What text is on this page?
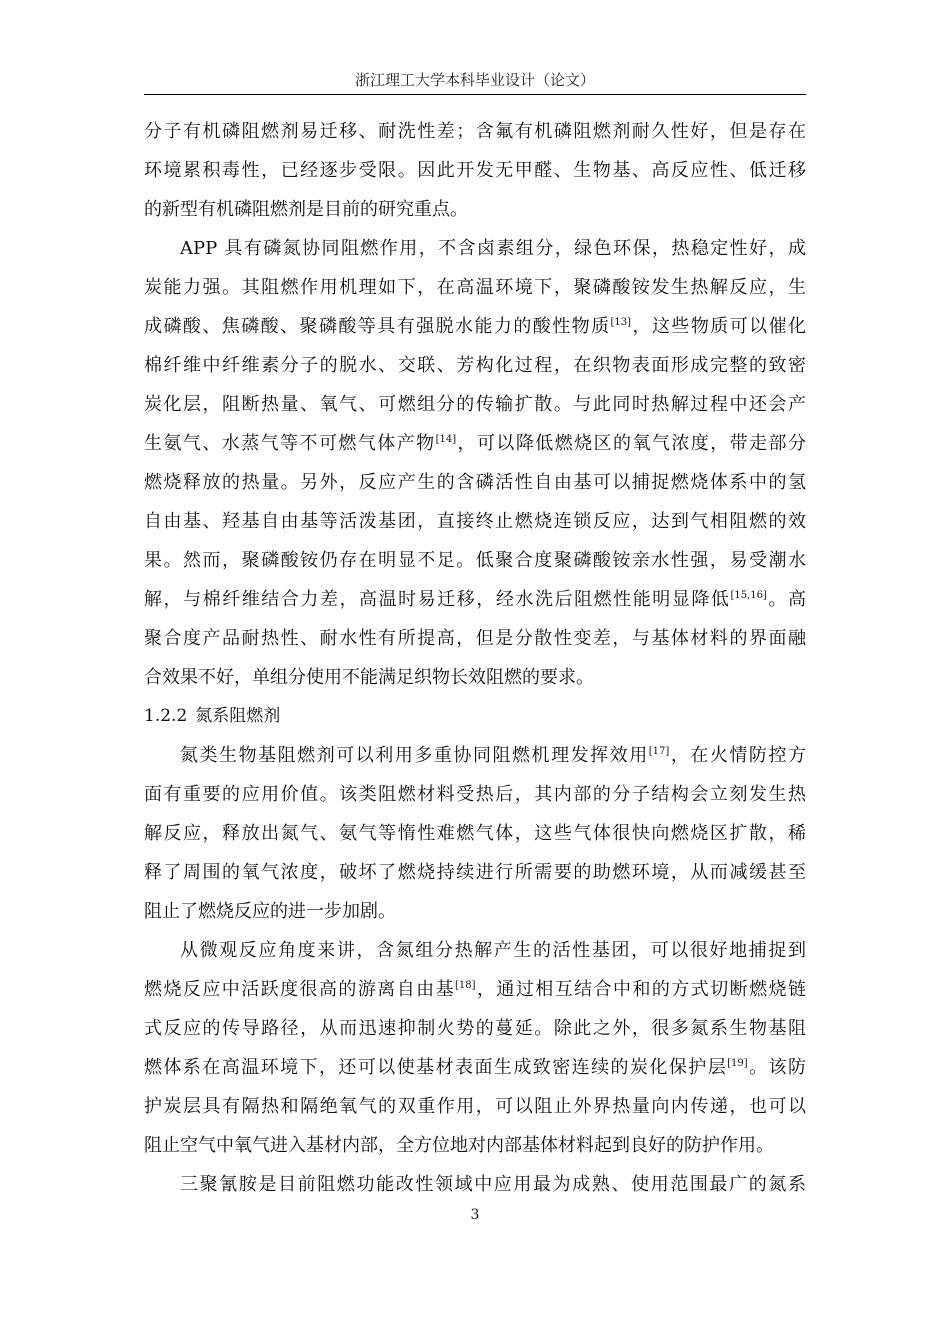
浙江理工大学本科毕业设计（论文）
分子有机磷阻燃剂易迁移、耐洗性差；含氟有机磷阻燃剂耐久性好，但是存在
环境累积毒性，已经逐步受限。因此开发无甲醛、生物基、高反应性、低迁移
的新型有机磷阻燃剂是目前的研究重点。
APP 具有磷氮协同阻燃作用，不含卤素组分，绿色环保，热稳定性好，成
炭能力强。其阻燃作用机理如下，在高温环境下，聚磷酸铵发生热解反应，生
成磷酸、焦磷酸、聚磷酸等具有强脱水能力的酸性物质[13]，这些物质可以催化
棉纤维中纤维素分子的脱水、交联、芳构化过程，在织物表面形成完整的致密
炭化层，阻断热量、氧气、可燃组分的传输扩散。与此同时热解过程中还会产
生氨气、水蒸气等不可燃气体产物[14]，可以降低燃烧区的氧气浓度，带走部分
燃烧释放的热量。另外，反应产生的含磷活性自由基可以捕捉燃烧体系中的氢
自由基、羟基自由基等活泼基团，直接终止燃烧连锁反应，达到气相阻燃的效
果。然而，聚磷酸铵仍存在明显不足。低聚合度聚磷酸铵亲水性强，易受潮水
解，与棉纤维结合力差，高温时易迁移，经水洗后阻燃性能明显降低[15,16]。高
聚合度产品耐热性、耐水性有所提高，但是分散性变差，与基体材料的界面融
合效果不好，单组分使用不能满足织物长效阻燃的要求。
1.2.2 氮系阻燃剂
氮类生物基阻燃剂可以利用多重协同阻燃机理发挥效用[17]，在火情防控方
面有重要的应用价值。该类阻燃材料受热后，其内部的分子结构会立刻发生热
解反应，释放出氮气、氨气等惰性难燃气体，这些气体很快向燃烧区扩散，稀
释了周围的氧气浓度，破坏了燃烧持续进行所需要的助燃环境，从而减缓甚至
阻止了燃烧反应的进一步加剧。
从微观反应角度来讲，含氮组分热解产生的活性基团，可以很好地捕捉到
燃烧反应中活跃度很高的游离自由基[18]，通过相互结合中和的方式切断燃烧链
式反应的传导路径，从而迅速抑制火势的蔓延。除此之外，很多氮系生物基阻
燃体系在高温环境下，还可以使基材表面生成致密连续的炭化保护层[19]。该防
护炭层具有隔热和隔绝氧气的双重作用，可以阻止外界热量向内传递，也可以
阻止空气中氧气进入基材内部，全方位地对内部基体材料起到良好的防护作用。
三聚氰胺是目前阻燃功能改性领域中应用最为成熟、使用范围最广的氮系
3
